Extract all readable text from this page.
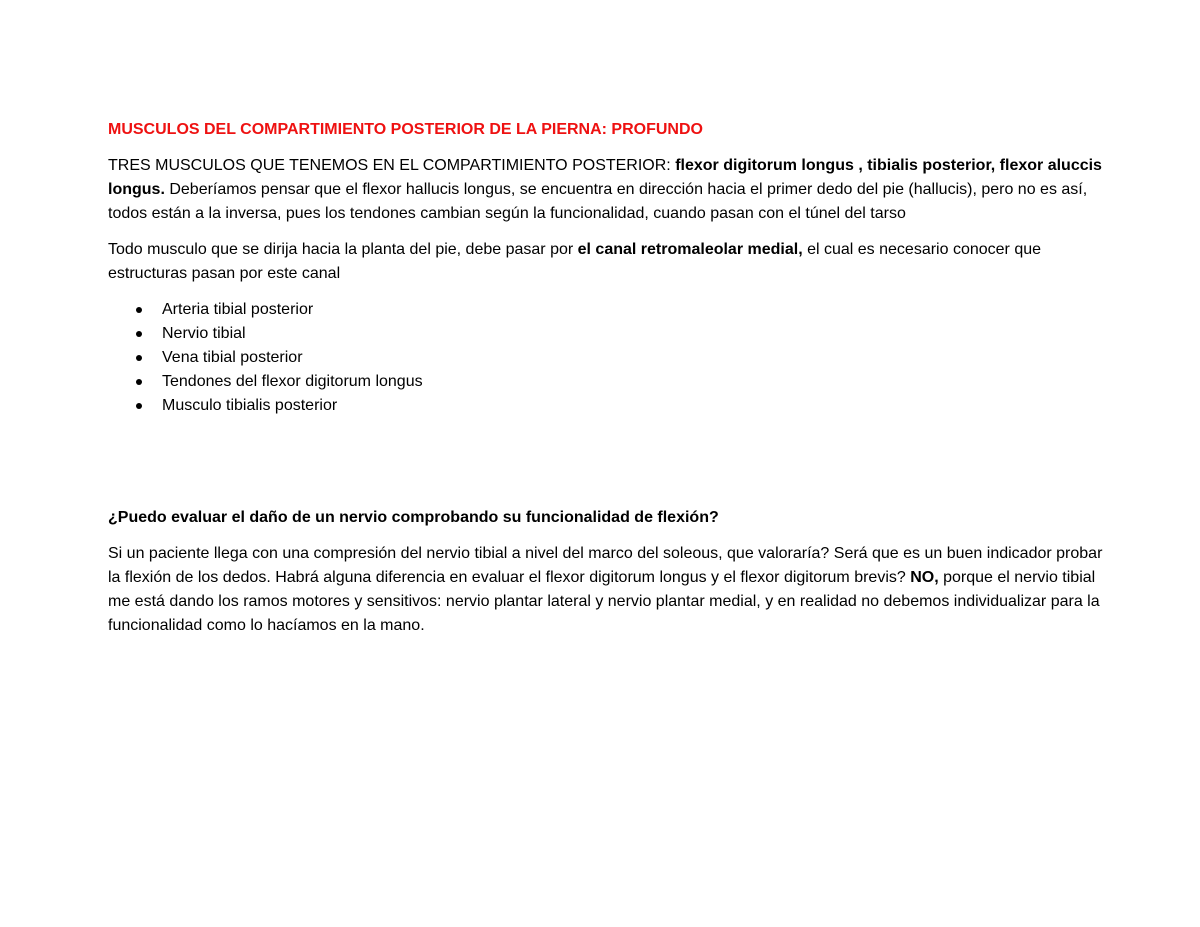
MUSCULOS DEL COMPARTIMIENTO POSTERIOR DE LA PIERNA: PROFUNDO

TRES MUSCULOS QUE TENEMOS EN EL COMPARTIMIENTO POSTERIOR: flexor digitorum longus , tibialis posterior, flexor aluccis longus. Deberíamos pensar que el flexor hallucis longus, se encuentra en dirección hacia el primer dedo del pie (hallucis), pero no es así, todos están a la inversa, pues los tendones cambian según la funcionalidad, cuando pasan con el túnel del tarso

Todo musculo que se dirija hacia la planta del pie, debe pasar por el canal retromaleolar medial, el cual es necesario conocer que estructuras pasan por este canal

Arteria tibial posterior
Nervio tibial
Vena tibial posterior
Tendones del flexor digitorum longus
Musculo tibialis posterior
¿Puedo evaluar el daño de un nervio comprobando su funcionalidad de flexión?

Si un paciente llega con una compresión del nervio tibial a nivel del marco del soleous, que valoraría? Será que es un buen indicador probar la flexión de los dedos. Habrá alguna diferencia en evaluar el flexor digitorum longus y el flexor digitorum brevis? NO, porque el nervio tibial me está dando los ramos motores y sensitivos: nervio plantar lateral y nervio plantar medial, y en realidad no debemos individualizar para la funcionalidad como lo hacíamos en la mano.
